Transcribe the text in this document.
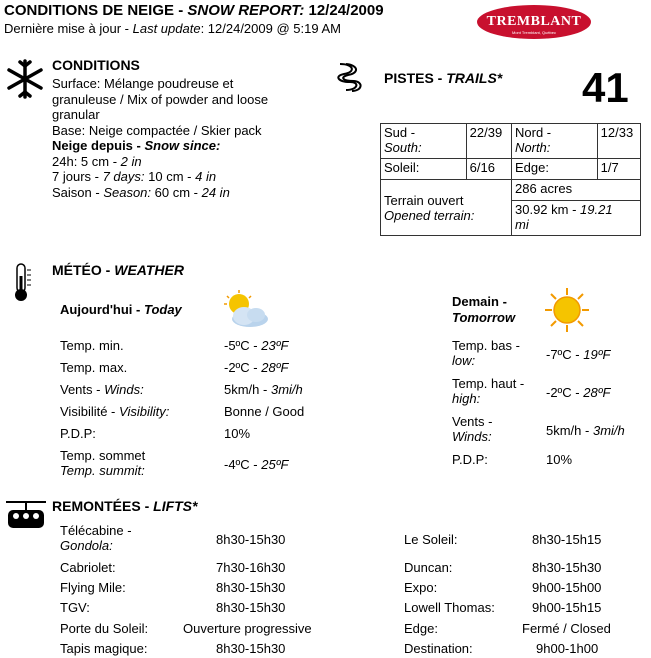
CONDITIONS DE NEIGE - SNOW REPORT: 12/24/2009
Dernière mise à jour - Last update: 12/24/2009 @ 5:19 AM	TREMBLANT
Mont Tremblant, Québec
CONDITIONS
Surface: Mélange poudreuse et
granuleuse / Mix of powder and loose
granular
Base: Neige compactée / Skier pack
Neige depuis - Snow since:
24h: 5 cm - 2 in
7 jours - 7 days: 10 cm - 4 in
Saison - Season: 60 cm - 24 in
PISTES - TRAILS* 41
Sud -
South:	22/39	Nord -
North:	12/33
Soleil:	6/16	Edge:	1/7

Terrain ouvert
Opened terrain:		286 acres	
		30.92 km - 19.21
mi	
MÉTÉO - WEATHER
Aujourd'hui - Today
Temp. min.	-5ºC - 23ºF
Temp. max.	-2ºC - 28ºF
Vents - Winds:	5km/h - 3mi/h
Visibilité - Visibility:	Bonne / Good
P.D.P:	10%
Temp. sommet
Temp. summit:	-4ºC - 25ºF
Demain -
Tomorrow
Temp. bas -
low:	-7ºC - 19ºF
Temp. haut -
high:	-2ºC - 28ºF
Vents -
Winds:	5km/h - 3mi/h
P.D.P:	10%
REMONTÉES - LIFTS*
Télécabine -
Gondola:	8h30-15h30
Cabriolet:	7h30-16h30
Flying Mile:	8h30-15h30
TGV:	8h30-15h30
Porte du Soleil:	Ouverture progressive
Tapis magique:	8h30-15h30
Le Soleil:	8h30-15h15
Duncan:	8h30-15h30
Expo:	9h00-15h00
Lowell Thomas:	9h00-15h15
Edge:	Fermé / Closed
Destination:	9h00-1h00
